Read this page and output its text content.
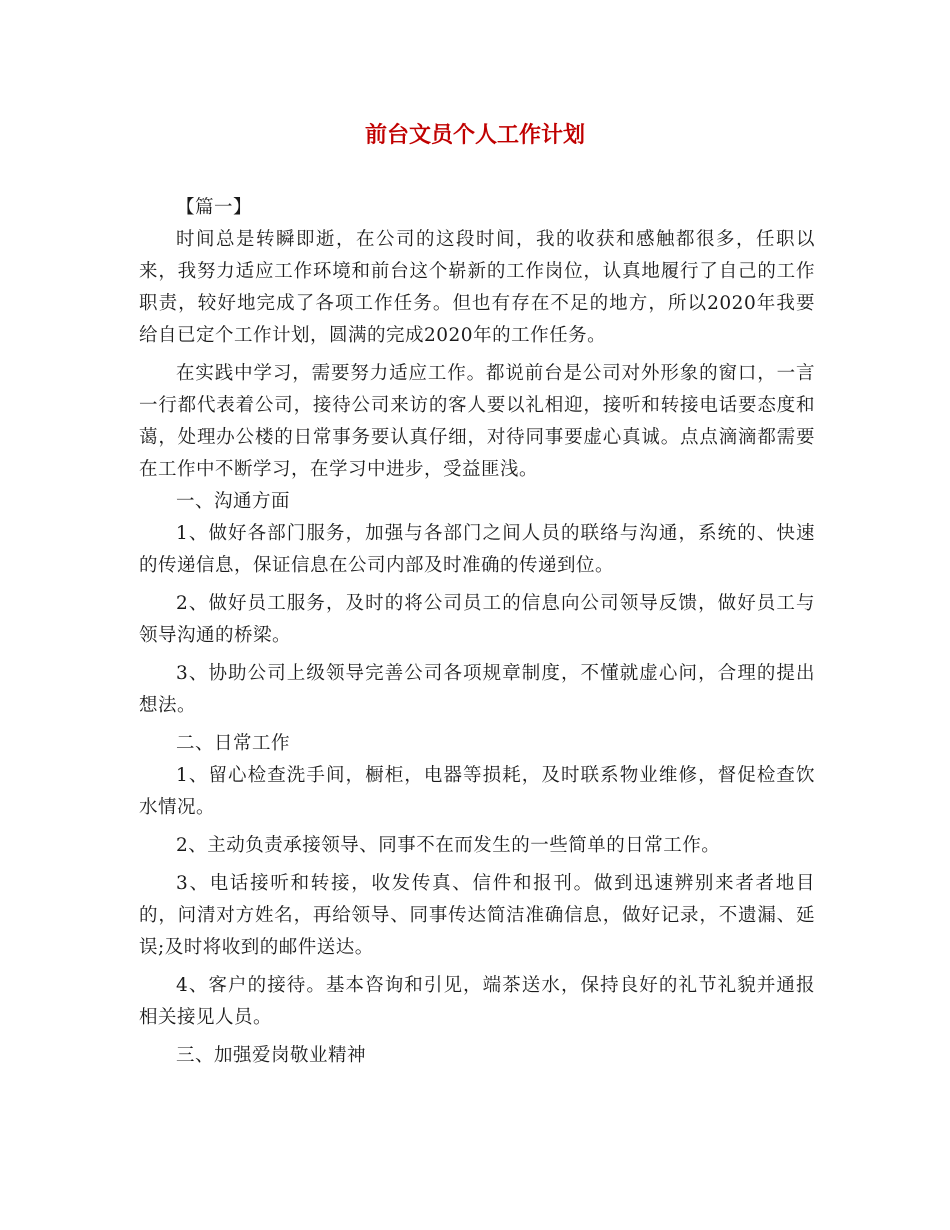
前台文员个人工作计划

【篇一】

时间总是转瞬即逝，在公司的这段时间，我的收获和感触都很多，任职以来，我努力适应工作环境和前台这个崭新的工作岗位，认真地履行了自己的工作职责，较好地完成了各项工作任务。但也有存在不足的地方，所以2020年我要给自已定个工作计划，圆满的完成2020年的工作任务。

在实践中学习，需要努力适应工作。都说前台是公司对外形象的窗口，一言一行都代表着公司，接待公司来访的客人要以礼相迎，接听和转接电话要态度和蔼，处理办公楼的日常事务要认真仔细，对待同事要虚心真诚。点点滴滴都需要在工作中不断学习，在学习中进步，受益匪浅。

一、沟通方面

1、做好各部门服务，加强与各部门之间人员的联络与沟通，系统的、快速的传递信息，保证信息在公司内部及时准确的传递到位。

2、做好员工服务，及时的将公司员工的信息向公司领导反馈，做好员工与领导沟通的桥梁。

3、协助公司上级领导完善公司各项规章制度，不懂就虚心问，合理的提出想法。

二、日常工作

1、留心检查洗手间，橱柜，电器等损耗，及时联系物业维修，督促检查饮水情况。

2、主动负责承接领导、同事不在而发生的一些简单的日常工作。

3、电话接听和转接，收发传真、信件和报刊。做到迅速辨别来者者地目的，问清对方姓名，再给领导、同事传达简洁准确信息，做好记录，不遗漏、延误;及时将收到的邮件送达。

4、客户的接待。基本咨询和引见，端茶送水，保持良好的礼节礼貌并通报相关接见人员。

三、加强爱岗敬业精神
